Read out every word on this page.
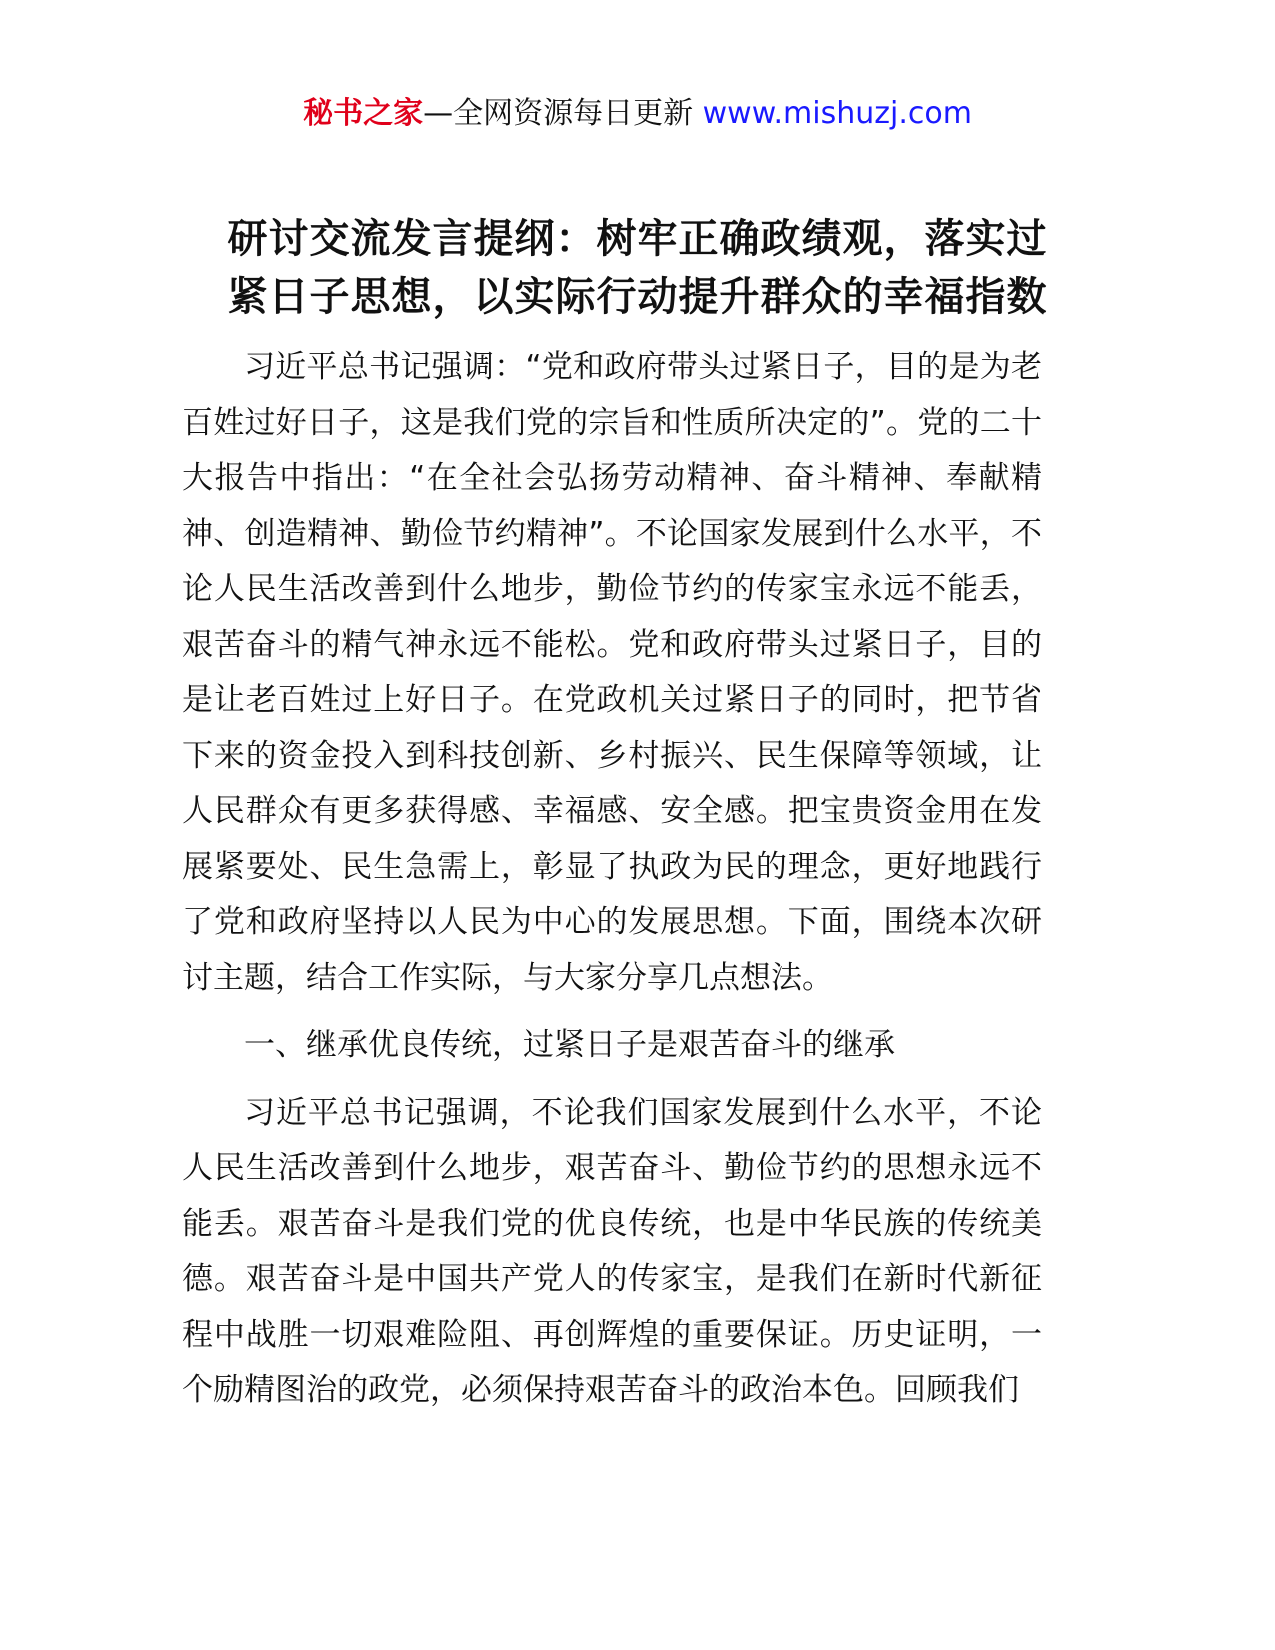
秘书之家—全网资源每日更新 www.mishuzj.com
研讨交流发言提纲：树牢正确政绩观，落实过
紧日子思想，以实际行动提升群众的幸福指数

习近平总书记强调：“党和政府带头过紧日子，目的是为老百姓过好日子，这是我们党的宗旨和性质所决定的”。党的二十大报告中指出：“在全社会弘扬劳动精神、奋斗精神、奉献精神、创造精神、勤俭节约精神”。不论国家发展到什么水平，不论人民生活改善到什么地步，勤俭节约的传家宝永远不能丢，艰苦奋斗的精气神永远不能松。党和政府带头过紧日子，目的是让老百姓过上好日子。在党政机关过紧日子的同时，把节省下来的资金投入到科技创新、乡村振兴、民生保障等领域，让人民群众有更多获得感、幸福感、安全感。把宝贵资金用在发展紧要处、民生急需上，彰显了执政为民的理念，更好地践行了党和政府坚持以人民为中心的发展思想。下面，围绕本次研讨主题，结合工作实际，与大家分享几点想法。

一、继承优良传统，过紧日子是艰苦奋斗的继承

习近平总书记强调，不论我们国家发展到什么水平，不论人民生活改善到什么地步，艰苦奋斗、勤俭节约的思想永远不能丢。艰苦奋斗是我们党的优良传统，也是中华民族的传统美德。艰苦奋斗是中国共产党人的传家宝，是我们在新时代新征程中战胜一切艰难险阻、再创辉煌的重要保证。历史证明，一个励精图治的政党，必须保持艰苦奋斗的政治本色。回顾我们
